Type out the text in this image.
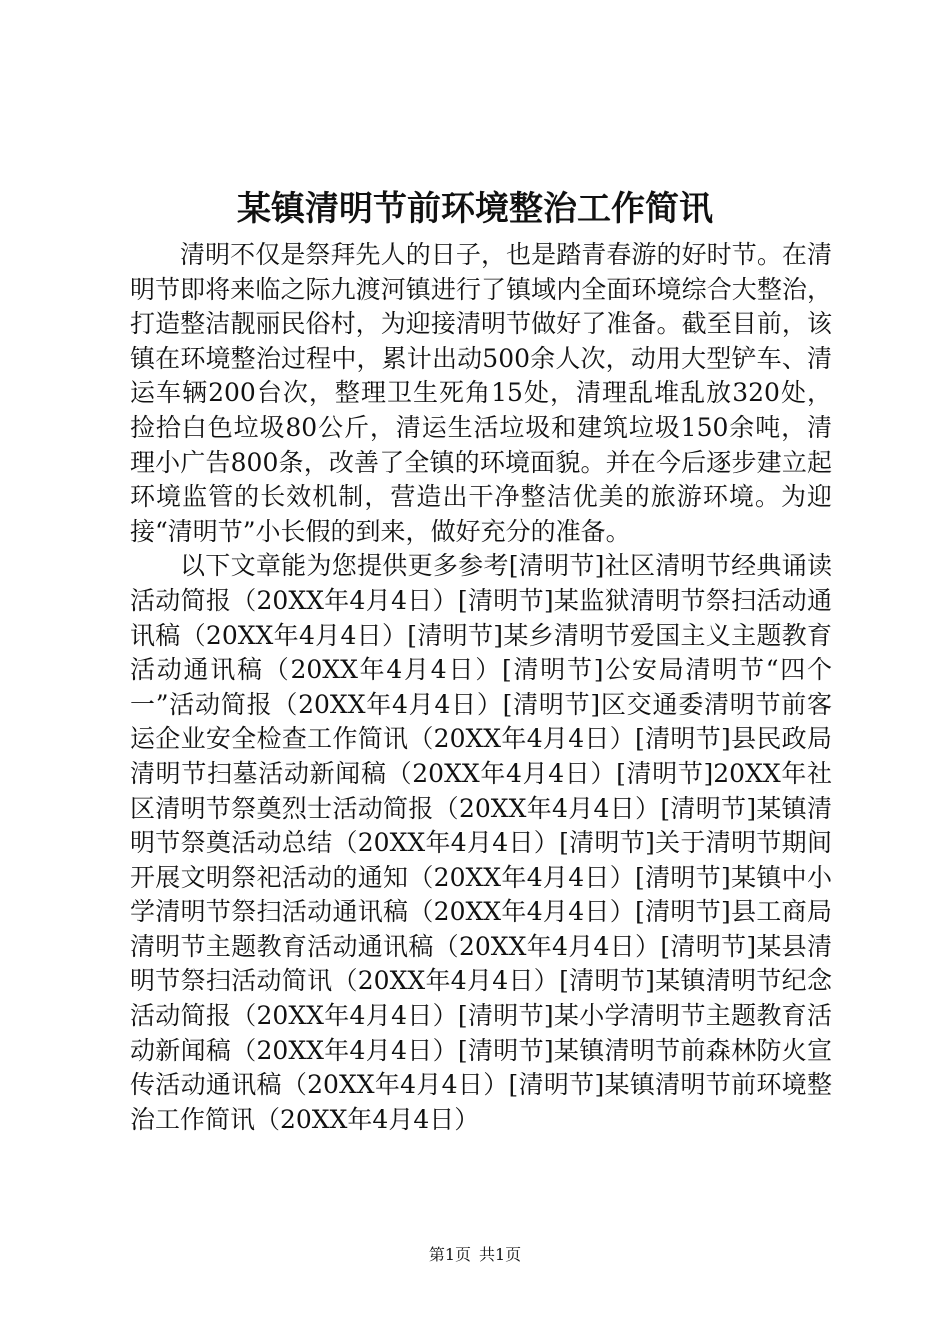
某镇清明节前环境整治工作简讯

清明不仅是祭拜先人的日子，也是踏青春游的好时节。在清明节即将来临之际九渡河镇进行了镇域内全面环境综合大整治，打造整洁靓丽民俗村，为迎接清明节做好了准备。截至目前，该镇在环境整治过程中，累计出动500余人次，动用大型铲车、清运车辆200台次，整理卫生死角15处，清理乱堆乱放320处，捡拾白色垃圾80公斤，清运生活垃圾和建筑垃圾150余吨，清理小广告800条，改善了全镇的环境面貌。并在今后逐步建立起环境监管的长效机制，营造出干净整洁优美的旅游环境。为迎接“清明节”小长假的到来，做好充分的准备。

以下文章能为您提供更多参考[清明节]社区清明节经典诵读活动简报（20XX年4月4日）[清明节]某监狱清明节祭扫活动通讯稿（20XX年4月4日）[清明节]某乡清明节爱国主义主题教育活动通讯稿（20XX年4月4日）[清明节]公安局清明节“四个一”活动简报（20XX年4月4日）[清明节]区交通委清明节前客运企业安全检查工作简讯（20XX年4月4日）[清明节]县民政局清明节扫墓活动新闻稿（20XX年4月4日）[清明节]20XX年社区清明节祭奠烈士活动简报（20XX年4月4日）[清明节]某镇清明节祭奠活动总结（20XX年4月4日）[清明节]关于清明节期间开展文明祭祀活动的通知（20XX年4月4日）[清明节]某镇中小学清明节祭扫活动通讯稿（20XX年4月4日）[清明节]县工商局清明节主题教育活动通讯稿（20XX年4月4日）[清明节]某县清明节祭扫活动简讯（20XX年4月4日）[清明节]某镇清明节纪念活动简报（20XX年4月4日）[清明节]某小学清明节主题教育活动新闻稿（20XX年4月4日）[清明节]某镇清明节前森林防火宣传活动通讯稿（20XX年4月4日）[清明节]某镇清明节前环境整治工作简讯（20XX年4月4日）

第1页 共1页
